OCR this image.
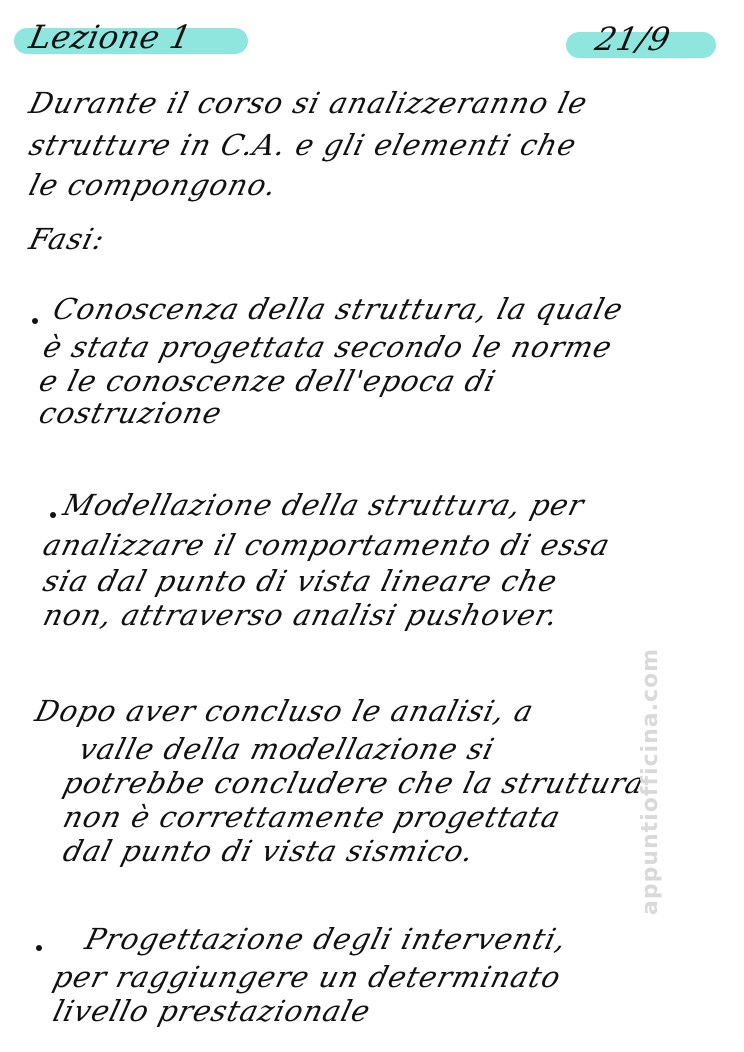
Lezione 1	21/9
Durante il corso si analizzeranno le
strutture in C.A. e gli elementi che
le compongono.
Fasi:
Conoscenza della struttura, la quale
è stata progettata secondo le norme
e le conoscenze dell'epoca di
costruzione
Modellazione della struttura, per
analizzare il comportamento di essa
sia dal punto di vista lineare che
non, attraverso analisi pushover.
Dopo aver concluso le analisi, a
valle della modellazione si
potrebbe concludere che la struttura
non è correttamente progettata
dal punto di vista sismico.
Progettazione degli interventi,
per raggiungere un determinato
livello prestazionale
appuntiofficina.com
